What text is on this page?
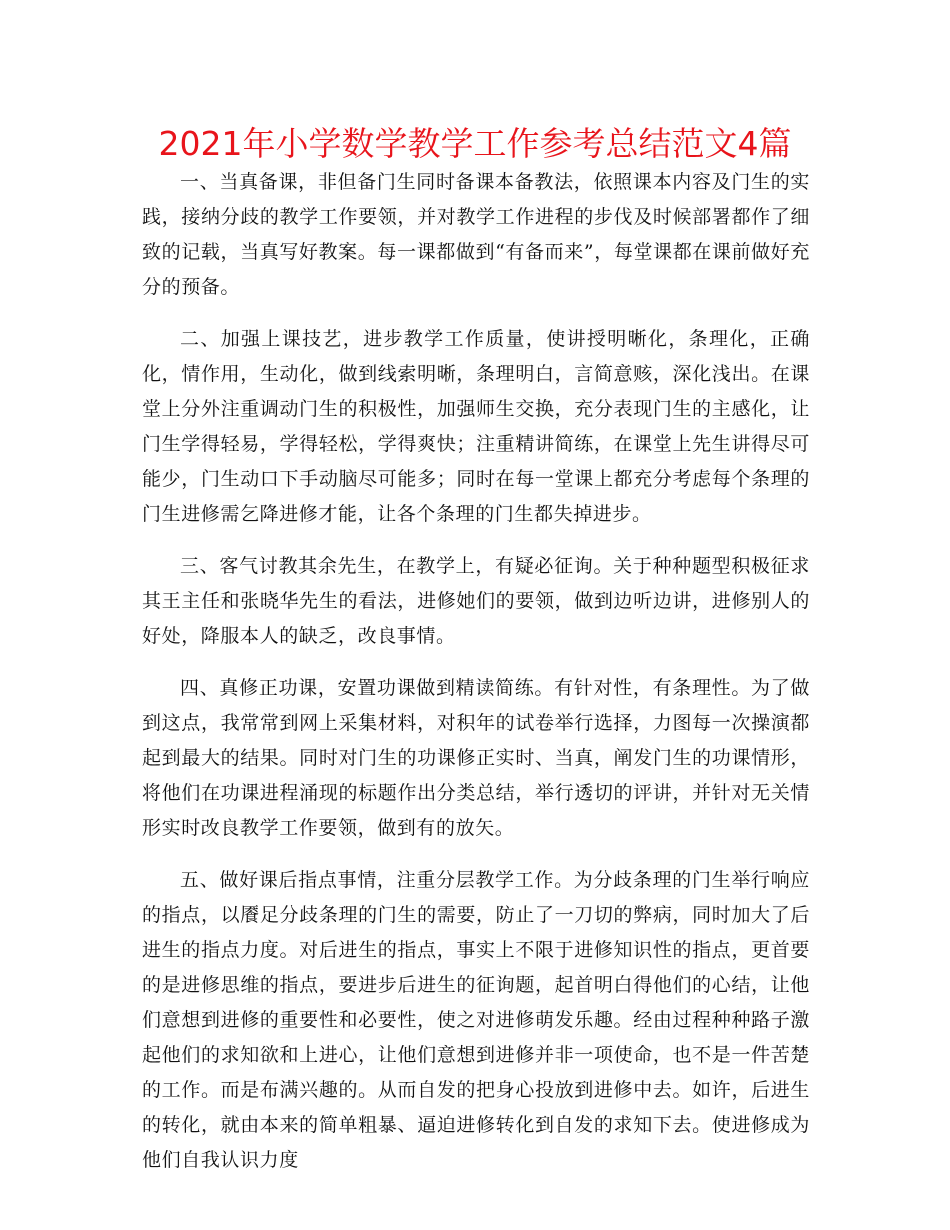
2021年小学数学教学工作参考总结范文4篇

一、当真备课，非但备门生同时备课本备教法，依照课本内容及门生的实践，接纳分歧的教学工作要领，并对教学工作进程的步伐及时候部署都作了细致的记载，当真写好教案。每一课都做到“有备而来”，每堂课都在课前做好充分的预备。

二、加强上课技艺，进步教学工作质量，使讲授明晰化，条理化，正确化，情作用，生动化，做到线索明晰，条理明白，言简意赅，深化浅出。在课堂上分外注重调动门生的积极性，加强师生交换，充分表现门生的主感化，让门生学得轻易，学得轻松，学得爽快；注重精讲简练，在课堂上先生讲得尽可能少，门生动口下手动脑尽可能多；同时在每一堂课上都充分考虑每个条理的门生进修需乞降进修才能，让各个条理的门生都失掉进步。

三、客气讨教其余先生，在教学上，有疑必征询。关于种种题型积极征求其王主任和张晓华先生的看法，进修她们的要领，做到边听边讲，进修别人的好处，降服本人的缺乏，改良事情。

四、真修正功课，安置功课做到精读简练。有针对性，有条理性。为了做到这点，我常常到网上采集材料，对积年的试卷举行选择，力图每一次操演都起到最大的结果。同时对门生的功课修正实时、当真，阐发门生的功课情形，将他们在功课进程涌现的标题作出分类总结，举行透切的评讲，并针对无关情形实时改良教学工作要领，做到有的放矢。

五、做好课后指点事情，注重分层教学工作。为分歧条理的门生举行响应的指点，以餍足分歧条理的门生的需要，防止了一刀切的弊病，同时加大了后进生的指点力度。对后进生的指点，事实上不限于进修知识性的指点，更首要的是进修思维的指点，要进步后进生的征询题，起首明白得他们的心结，让他们意想到进修的重要性和必要性，使之对进修萌发乐趣。经由过程种种路子激起他们的求知欲和上进心，让他们意想到进修并非一项使命，也不是一件苦楚的工作。而是布满兴趣的。从而自发的把身心投放到进修中去。如许，后进生的转化，就由本来的简单粗暴、逼迫进修转化到自发的求知下去。使进修成为他们自我认识力度
